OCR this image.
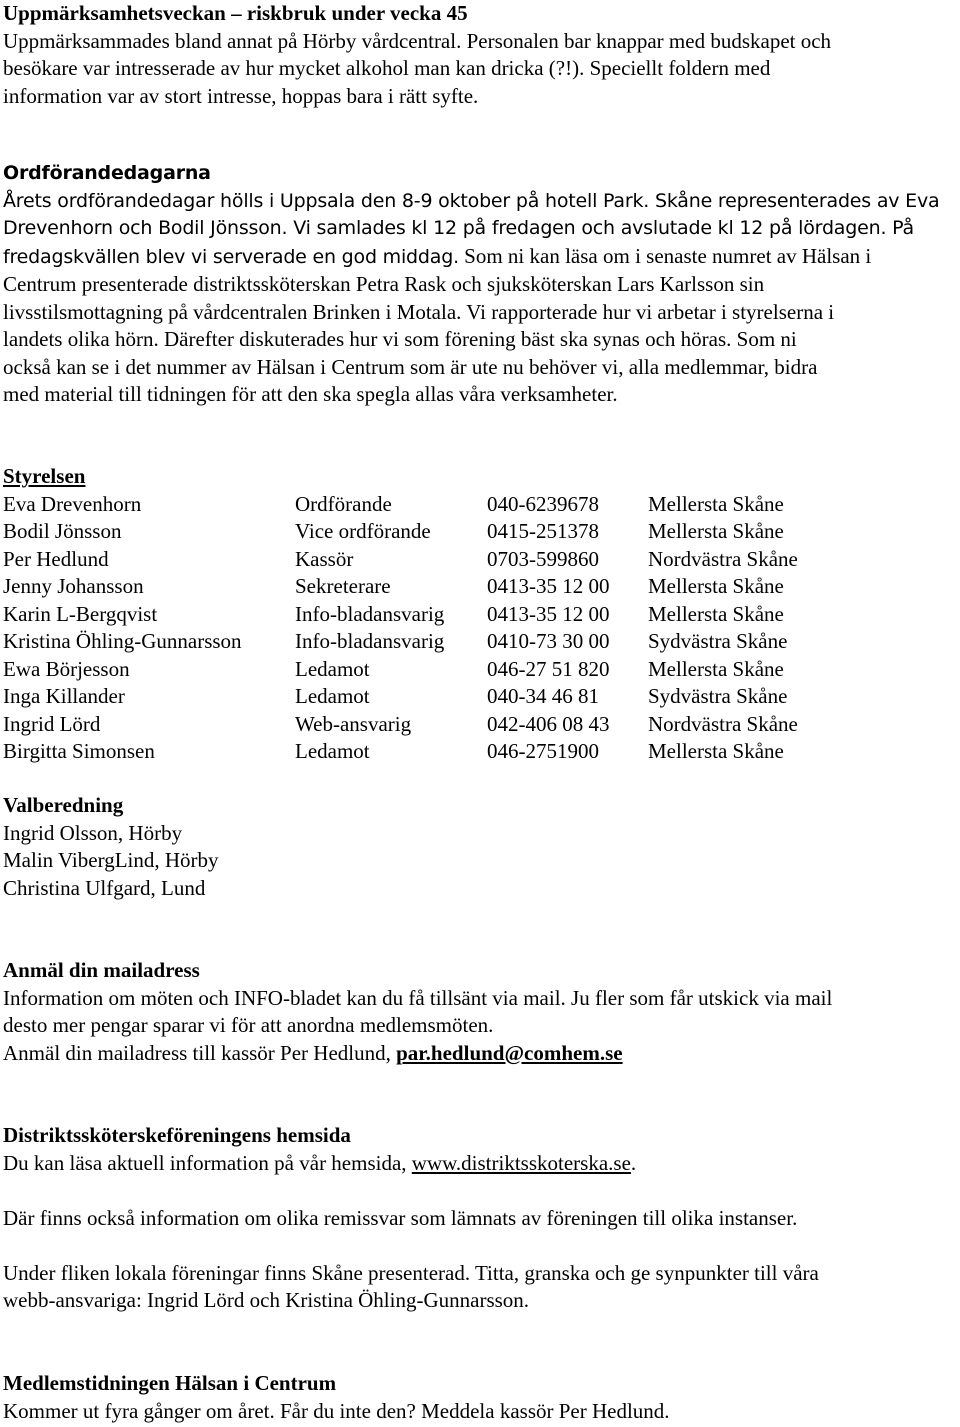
Uppmärksamhetsveckan – riskbruk under vecka 45
Uppmärksammades bland annat på Hörby vårdcentral. Personalen bar knappar med budskapet och
besökare var intresserade av hur mycket alkohol man kan dricka (?!). Speciellt foldern med
information var av stort intresse, hoppas bara i rätt syfte.
Ordförandedagarna
Årets ordförandedagar hölls i Uppsala den 8-9 oktober på hotell Park. Skåne representerades av Eva
Drevenhorn och Bodil Jönsson. Vi samlades kl 12 på fredagen och avslutade kl 12 på lördagen. På
fredagskvällen blev vi serverade en god middag. Som ni kan läsa om i senaste numret av Hälsan i
Centrum presenterade distriktssköterskan Petra Rask och sjuksköterskan Lars Karlsson sin
livsstilsmottagning på vårdcentralen Brinken i Motala. Vi rapporterade hur vi arbetar i styrelserna i
landets olika hörn. Därefter diskuterades hur vi som förening bäst ska synas och höras. Som ni
också kan se i det nummer av Hälsan i Centrum som är ute nu behöver vi, alla medlemmar, bidra
med material till tidningen för att den ska spegla allas våra verksamheter.
Styrelsen
Eva Drevenhorn	Ordförande	040-6239678	Mellersta Skåne
Bodil Jönsson	Vice ordförande	0415-251378	Mellersta Skåne
Per Hedlund	Kassör	0703-599860	Nordvästra Skåne
Jenny Johansson	Sekreterare	0413-35 12 00	Mellersta Skåne
Karin L-Bergqvist	Info-bladansvarig	0413-35 12 00	Mellersta Skåne
Kristina Öhling-Gunnarsson	Info-bladansvarig	0410-73 30 00	Sydvästra Skåne
Ewa Börjesson	Ledamot	046-27 51 820	Mellersta Skåne
Inga Killander	Ledamot	040-34 46 81	Sydvästra Skåne
Ingrid Lörd	Web-ansvarig	042-406 08 43	Nordvästra Skåne
Birgitta Simonsen	Ledamot	046-2751900	Mellersta Skåne
Valberedning
Ingrid Olsson, Hörby
Malin VibergLind, Hörby
Christina Ulfgard, Lund
Anmäl din mailadress
Information om möten och INFO-bladet kan du få tillsänt via mail. Ju fler som får utskick via mail
desto mer pengar sparar vi för att anordna medlemsmöten.
Anmäl din mailadress till kassör Per Hedlund, par.hedlund@comhem.se
Distriktssköterskeföreningens hemsida
Du kan läsa aktuell information på vår hemsida, www.distriktsskoterska.se.
Där finns också information om olika remissvar som lämnats av föreningen till olika instanser.
Under fliken lokala föreningar finns Skåne presenterad. Titta, granska och ge synpunkter till våra
webb-ansvariga: Ingrid Lörd och Kristina Öhling-Gunnarsson.
Medlemstidningen Hälsan i Centrum
Kommer ut fyra gånger om året. Får du inte den? Meddela kassör Per Hedlund.
